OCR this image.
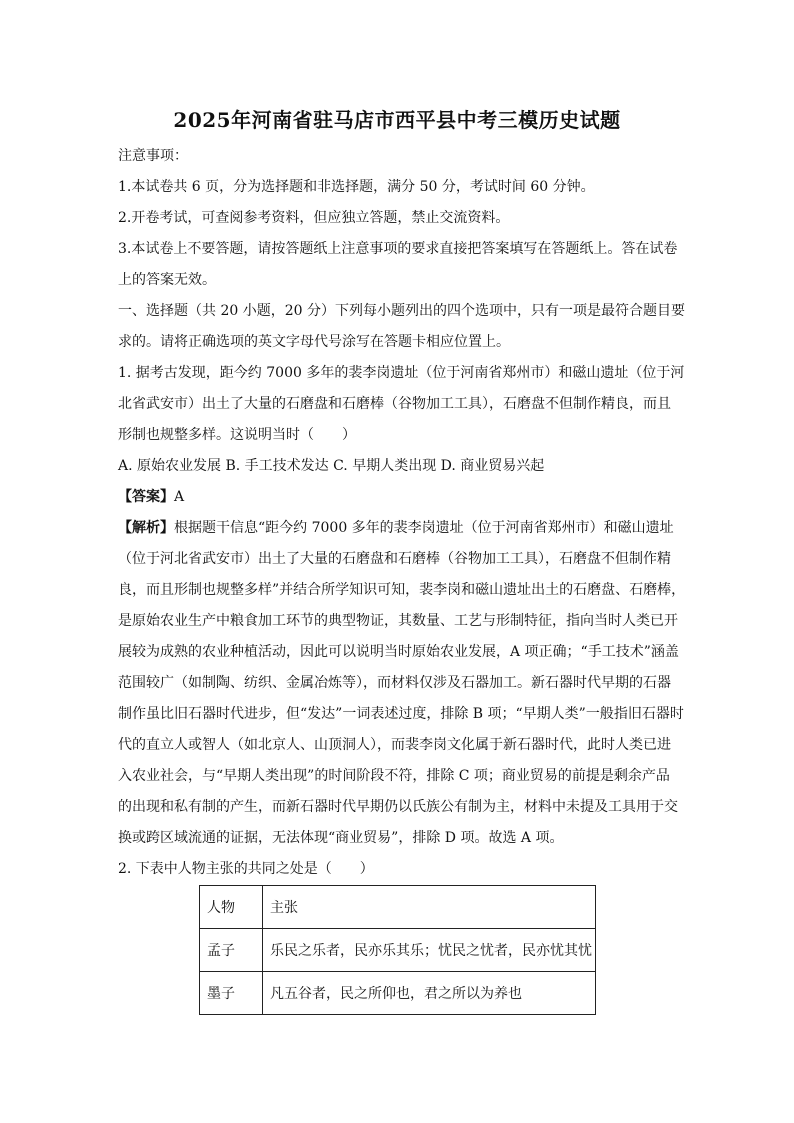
2025年河南省驻马店市西平县中考三模历史试题
注意事项：
1.本试卷共 6 页，分为选择题和非选择题，满分 50 分，考试时间 60 分钟。
2.开卷考试，可查阅参考资料，但应独立答题，禁止交流资料。
3.本试卷上不要答题，请按答题纸上注意事项的要求直接把答案填写在答题纸上。答在试卷
上的答案无效。
一、选择题（共 20 小题，20 分）下列每小题列出的四个选项中，只有一项是最符合题目要
求的。请将正确选项的英文字母代号涂写在答题卡相应位置上。
1. 据考古发现，距今约 7000 多年的裴李岗遗址（位于河南省郑州市）和磁山遗址（位于河
北省武安市）出土了大量的石磨盘和石磨棒（谷物加工工具），石磨盘不但制作精良，而且
形制也规整多样。这说明当时（　　）
A. 原始农业发展 B. 手工技术发达 C. 早期人类出现 D. 商业贸易兴起
【答案】A
【解析】根据题干信息“距今约 7000 多年的裴李岗遗址（位于河南省郑州市）和磁山遗址
（位于河北省武安市）出土了大量的石磨盘和石磨棒（谷物加工工具），石磨盘不但制作精
良，而且形制也规整多样”并结合所学知识可知，裴李岗和磁山遗址出土的石磨盘、石磨棒，
是原始农业生产中粮食加工环节的典型物证，其数量、工艺与形制特征，指向当时人类已开
展较为成熟的农业种植活动，因此可以说明当时原始农业发展，A 项正确；“手工技术”涵盖
范围较广（如制陶、纺织、金属冶炼等），而材料仅涉及石器加工。新石器时代早期的石器
制作虽比旧石器时代进步，但“发达”一词表述过度，排除 B 项；“早期人类”一般指旧石器时
代的直立人或智人（如北京人、山顶洞人），而裴李岗文化属于新石器时代，此时人类已进
入农业社会，与“早期人类出现”的时间阶段不符，排除 C 项；商业贸易的前提是剩余产品
的出现和私有制的产生，而新石器时代早期仍以氏族公有制为主，材料中未提及工具用于交
换或跨区域流通的证据，无法体现“商业贸易”，排除 D 项。故选 A 项。
2. 下表中人物主张的共同之处是（　　）
人物	主张
孟子	乐民之乐者，民亦乐其乐；忧民之忧者，民亦忧其忧
墨子	凡五谷者，民之所仰也，君之所以为养也
